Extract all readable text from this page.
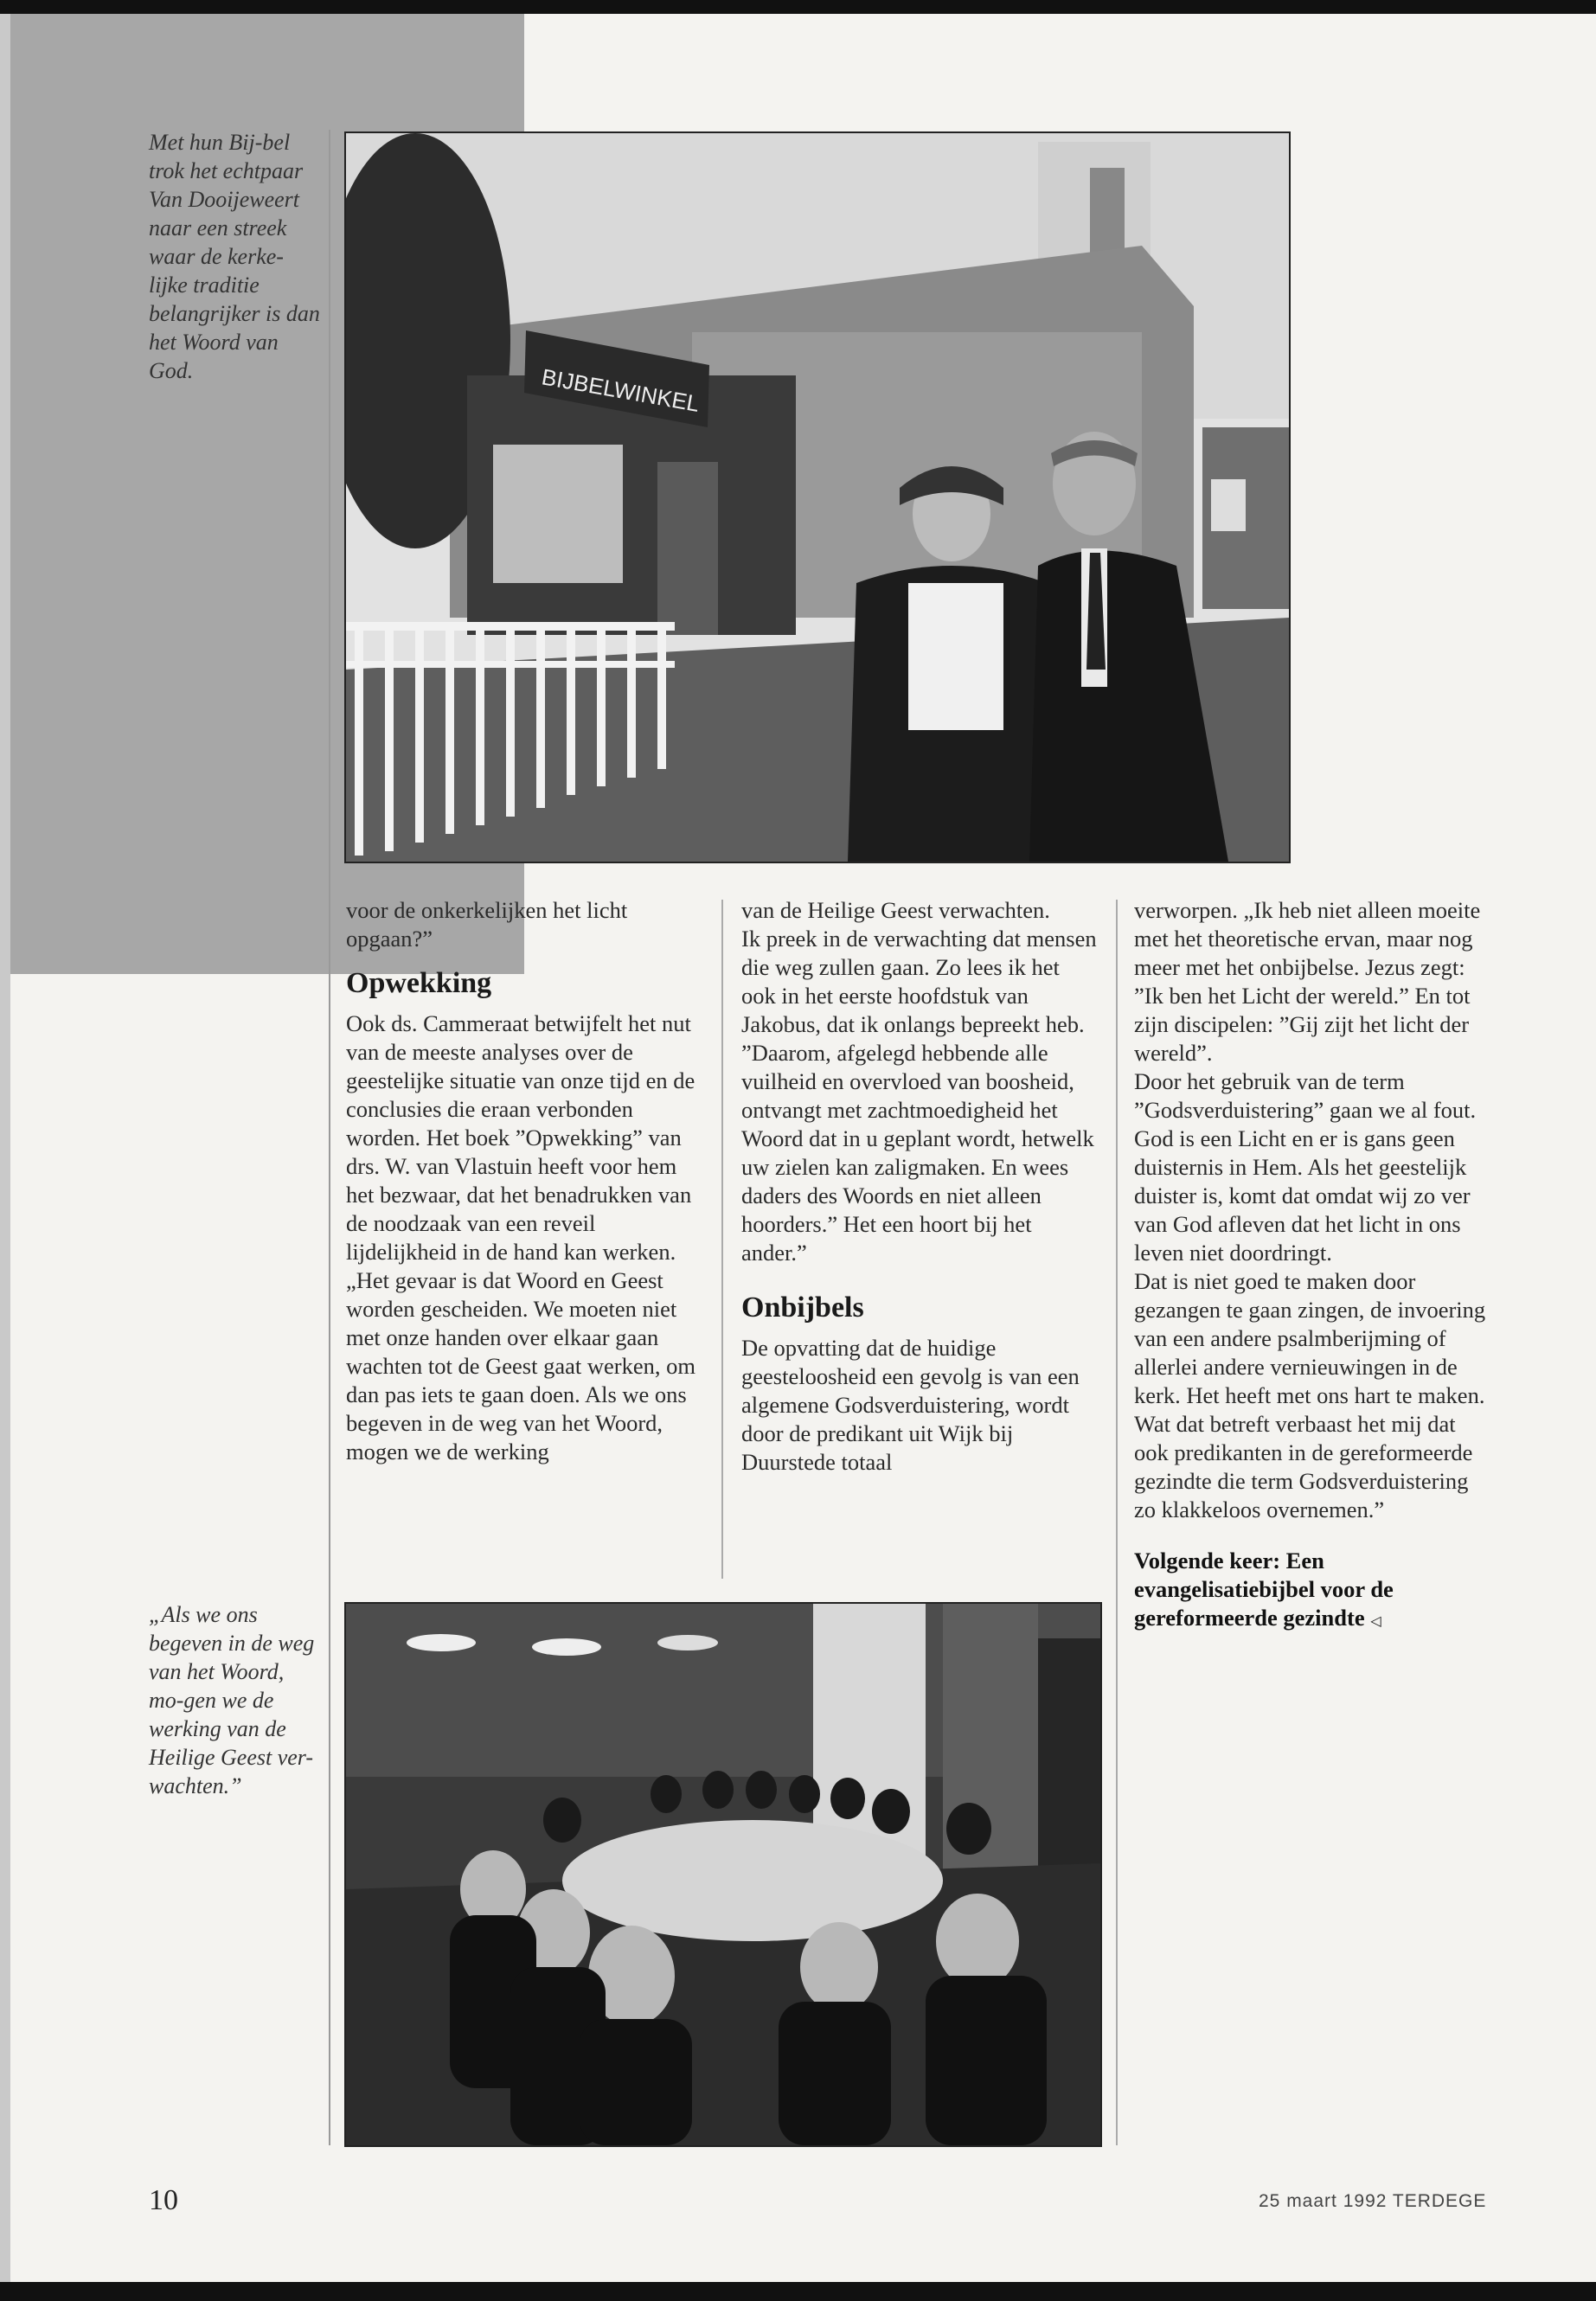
Met hun Bij-bel trok het echtpaar Van Dooijeweert naar een streek waar de kerke-lijke traditie belangrijker is dan het Woord van God.	BIJBELWINKEL

voor de onkerkelijken het licht opgaan?”

Opwekking

Ook ds. Cammeraat betwijfelt het nut van de meeste analyses over de geestelijke situatie van onze tijd en de conclusies die eraan verbonden worden. Het boek ”Opwekking” van drs. W. van Vlastuin heeft voor hem het bezwaar, dat het benadrukken van de noodzaak van een reveil lijdelijkheid in de hand kan werken.

„Het gevaar is dat Woord en Geest worden gescheiden. We moeten niet met onze handen over elkaar gaan wachten tot de Geest gaat werken, om dan pas iets te gaan doen. Als we ons begeven in de weg van het Woord, mogen we de werking

van de Heilige Geest verwachten.

Ik preek in de verwachting dat mensen die weg zullen gaan. Zo lees ik het ook in het eerste hoofdstuk van Jakobus, dat ik onlangs bepreekt heb. ”Daarom, afgelegd hebbende alle vuilheid en overvloed van boosheid, ontvangt met zachtmoedigheid het Woord dat in u geplant wordt, hetwelk uw zielen kan zaligmaken. En wees daders des Woords en niet alleen hoorders.” Het een hoort bij het ander.”

Onbijbels

De opvatting dat de huidige geesteloosheid een gevolg is van een algemene Godsverduistering, wordt door de predikant uit Wijk bij Duurstede totaal

verworpen. „Ik heb niet alleen moeite met het theoretische ervan, maar nog meer met het onbijbelse. Jezus zegt: ”Ik ben het Licht der wereld.” En tot zijn discipelen: ”Gij zijt het licht der wereld”.

Door het gebruik van de term ”Godsverduistering” gaan we al fout. God is een Licht en er is gans geen duisternis in Hem. Als het geestelijk duister is, komt dat omdat wij zo ver van God afleven dat het licht in ons leven niet doordringt.

Dat is niet goed te maken door gezangen te gaan zingen, de invoering van een andere psalmberijming of allerlei andere vernieuwingen in de kerk. Het heeft met ons hart te maken. Wat dat betreft verbaast het mij dat ook predikanten in de gereformeerde gezindte die term Godsverduistering zo klakkeloos overnemen.”

Volgende keer: Een evangelisatiebijbel voor de gereformeerde gezindte ◁

„Als we ons begeven in de weg van het Woord, mo-gen we de werking van de Heilige Geest ver-wachten.”
10	25 maart 1992 TERDEGE
